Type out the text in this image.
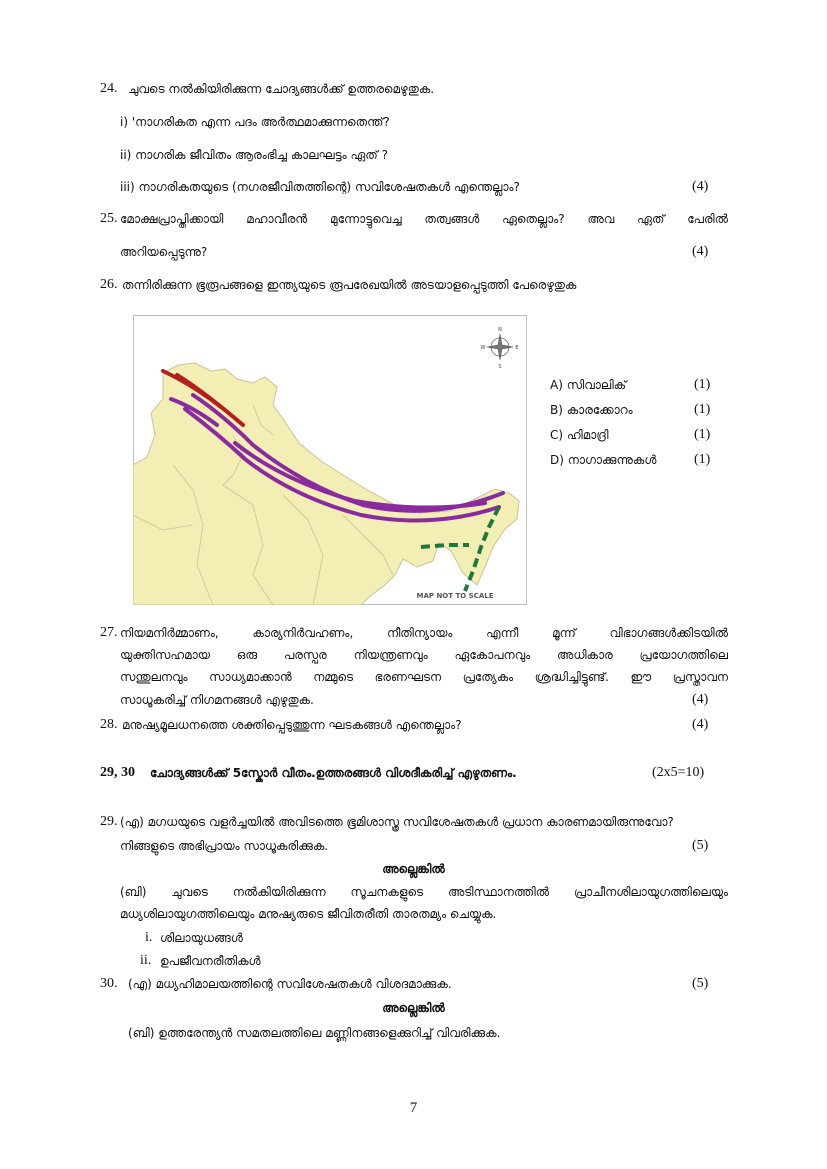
24. ചുവടെ നൽകിയിരിക്കുന്ന ചോദ്യങ്ങൾക്ക് ഉത്തരമെഴുതുക.
i) 'നാഗരികത എന്ന പദം അർത്ഥമാക്കുന്നതെന്ത്?
ii) നാഗരിക ജീവിതം ആരംഭിച്ച കാലഘട്ടം ഏത് ?
iii) നാഗരികതയുടെ (നഗരജീവിതത്തിന്റെ) സവിശേഷതകൾ എന്തെല്ലാം?	(4)
25. മോക്ഷപ്രാപ്തിക്കായി മഹാവീരൻ മുന്നോട്ടുവെച്ച തത്വങ്ങൾ ഏതെല്ലാം? അവ ഏത് പേരിൽ
അറിയപ്പെടുന്നു?	(4)
26. തന്നിരിക്കുന്ന ഭൂരൂപങ്ങളെ ഇന്ത്യയുടെ രൂപരേഖയിൽ അടയാളപ്പെടുത്തി പേരെഴുതുക
N
S
E
W
MAP NOT TO SCALE
A) സിവാലിക്	(1)
B) കാരക്കോറം	(1)
C) ഹിമാദ്രി	(1)
D) നാഗാക്കുന്നുകൾ	(1)
27. നിയമനിർമ്മാണം, കാര്യനിർവഹണം, നീതിന്യായം എന്നീ മൂന്ന് വിഭാഗങ്ങൾക്കിടയിൽ
യുക്തിസഹമായ ഒരു പരസ്പര നിയന്ത്രണവും ഏകോപനവും അധികാര പ്രയോഗത്തിലെ
സന്തുലനവും സാധ്യമാക്കാൻ നമ്മുടെ ഭരണഘടന പ്രത്യേകം ശ്രദ്ധിച്ചിട്ടുണ്ട്. ഈ പ്രസ്താവന
സാധൂകരിച്ച് നിഗമനങ്ങൾ എഴുതുക.	(4)
28. മനുഷ്യമൂലധനത്തെ ശക്തിപ്പെടുത്തുന്ന ഘടകങ്ങൾ എന്തെല്ലാം?	(4)
29, 30 ചോദ്യങ്ങൾക്ക് 5സ്കോർ വീതം.ഉത്തരങ്ങൾ വിശദീകരിച്ച് എഴുതണം.	(2x5=10)
29. (എ) മഗധയുടെ വളർച്ചയിൽ അവിടത്തെ ഭൂമിശാസ്ത്ര സവിശേഷതകൾ പ്രധാന കാരണമായിരുന്നുവോ?
നിങ്ങളുടെ അഭിപ്രായം സാധൂകരിക്കുക.	(5)
അല്ലെങ്കിൽ
(ബി) ചുവടെ നൽകിയിരിക്കുന്ന സൂചനകളുടെ അടിസ്ഥാനത്തിൽ പ്രാചീനശിലായുഗത്തിലെയും
മധ്യശിലായുഗത്തിലെയും മനുഷ്യരുടെ ജീവിതരീതി താരതമ്യം ചെയ്യുക.
i. ശിലായുധങ്ങൾ
ii. ഉപജീവനരീതികൾ
30. (എ) മധ്യഹിമാലയത്തിന്റെ സവിശേഷതകൾ വിശദമാക്കുക.	(5)
അല്ലെങ്കിൽ
(ബി) ഉത്തരേന്ത്യൻ സമതലത്തിലെ മണ്ണിനങ്ങളെക്കുറിച്ച് വിവരിക്കുക.
7
